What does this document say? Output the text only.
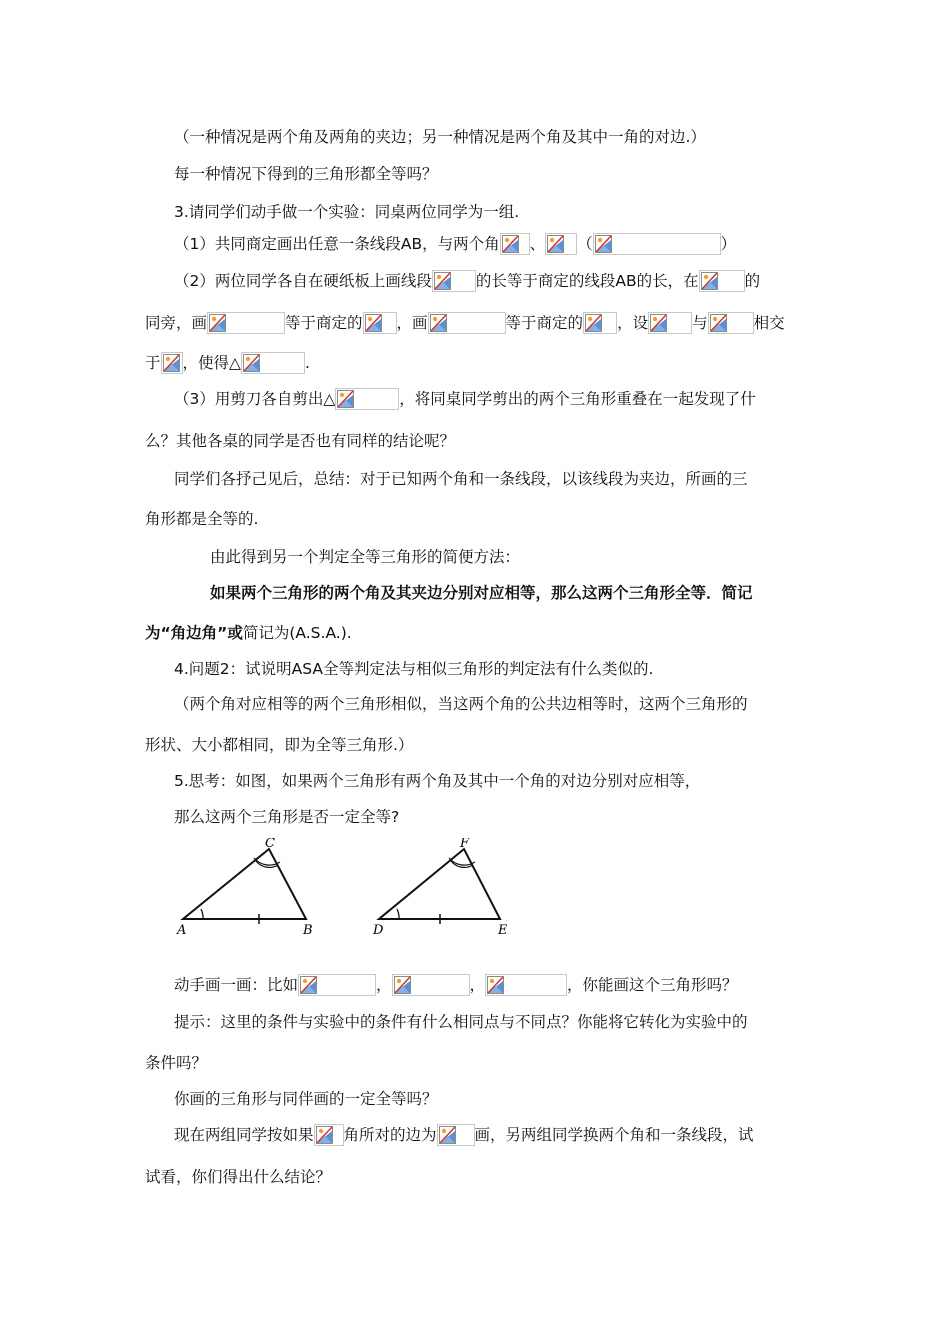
（一种情况是两个角及两角的夹边；另一种情况是两个角及其中一角的对边.）
每一种情况下得到的三角形都全等吗？
3.请同学们动手做一个实验：同桌两位同学为一组.
（1）共同商定画出任意一条线段AB，与两个角 、 （	）
（2）两位同学各自在硬纸板上画线段	的长等于商定的线段AB的长，在	的
同旁，画	等于商定的 ，画	等于商定的 ，设	与	相交
于 ，使得△	.
（3）用剪刀各自剪出△	，将同桌同学剪出的两个三角形重叠在一起发现了什
么？其他各桌的同学是否也有同样的结论呢？
同学们各抒己见后，总结：对于已知两个角和一条线段，以该线段为夹边，所画的三
角形都是全等的.
由此得到另一个判定全等三角形的简便方法：
如果两个三角形的两个角及其夹边分别对应相等，那么这两个三角形全等．简记
为“角边角”或简记为(A.S.A.).
4.问题2：试说明ASA全等判定法与相似三角形的判定法有什么类似的.
（两个角对应相等的两个三角形相似，当这两个角的公共边相等时，这两个三角形的
形状、大小都相同，即为全等三角形.）
5.思考：如图，如果两个三角形有两个角及其中一个角的对边分别对应相等，
那么这两个三角形是否一定全等?
A	B
C
D	E
F
动手画一画：比如	，	，	，你能画这个三角形吗？
提示：这里的条件与实验中的条件有什么相同点与不同点？你能将它转化为实验中的
条件吗？
你画的三角形与同伴画的一定全等吗？
现在两组同学按如果 角所对的边为 画，另两组同学换两个角和一条线段，试
试看，你们得出什么结论？
